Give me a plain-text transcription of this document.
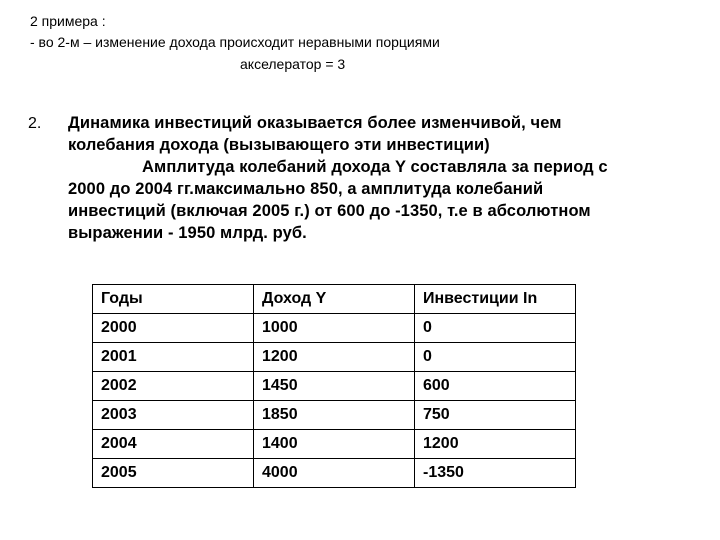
2 примера :
- во 2-м – изменение дохода происходит неравными порциями
акселератор = 3
2. Динамика инвестиций оказывается более изменчивой, чем
колебания дохода (вызывающего эти инвестиции)
Амплитуда колебаний дохода Y составляла за период с
2000 до 2004 гг.максимально 850, а амплитуда колебаний
инвестиций (включая 2005 г.) от 600 до -1350, т.е в абсолютном
выражении - 1950 млрд. руб.
Годы	Доход Y	Инвестиции In
2000	1000	0
2001	1200	0
2002	1450	600
2003	1850	750
2004	1400	1200
2005	4000	-1350
